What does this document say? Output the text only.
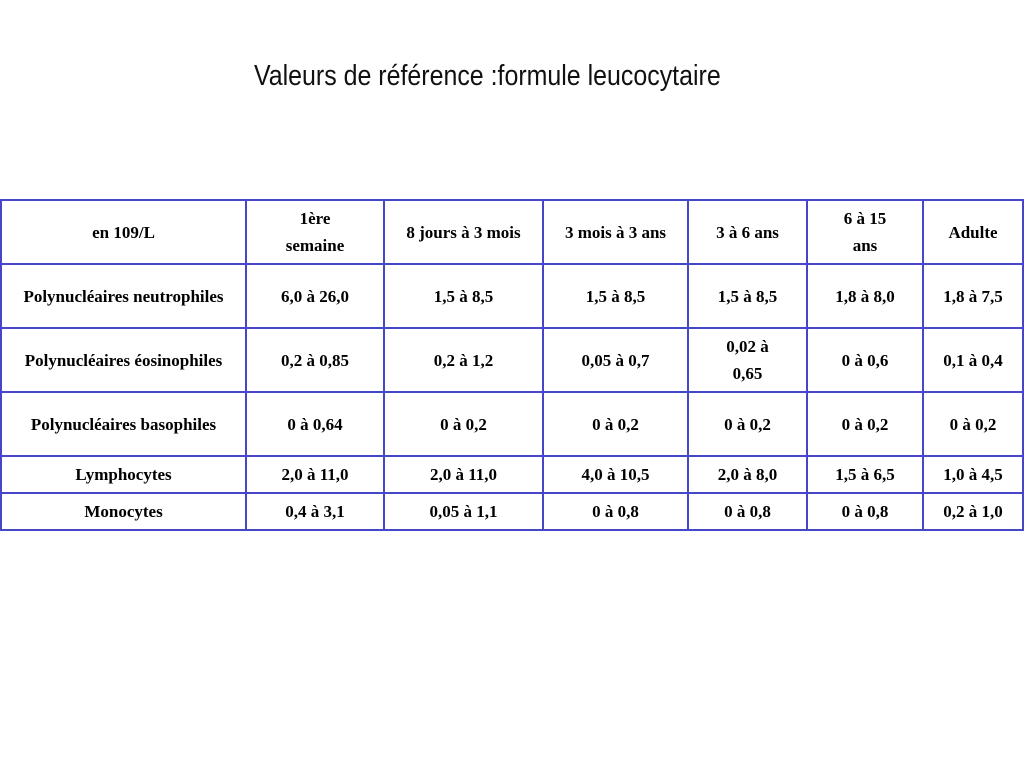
Valeurs de référence :formule leucocytaire
en 109/L	1ère semaine	8 jours à 3 mois	3 mois à 3 ans	3 à 6 ans	6 à 15 ans	Adulte
Polynucléaires neutrophiles	6,0 à 26,0	1,5 à 8,5	1,5 à 8,5	1,5 à 8,5	1,8 à 8,0	1,8 à 7,5
Polynucléaires éosinophiles	0,2 à 0,85	0,2 à 1,2	0,05 à 0,7	0,02 à 0,65	0 à 0,6	0,1 à 0,4
Polynucléaires basophiles	0 à 0,64	0 à 0,2	0 à 0,2	0 à 0,2	0 à 0,2	0 à 0,2
Lymphocytes	2,0 à 11,0	2,0 à 11,0	4,0 à 10,5	2,0 à 8,0	1,5 à 6,5	1,0 à 4,5
Monocytes	0,4 à 3,1	0,05 à 1,1	0 à 0,8	0 à 0,8	0 à 0,8	0,2 à 1,0
